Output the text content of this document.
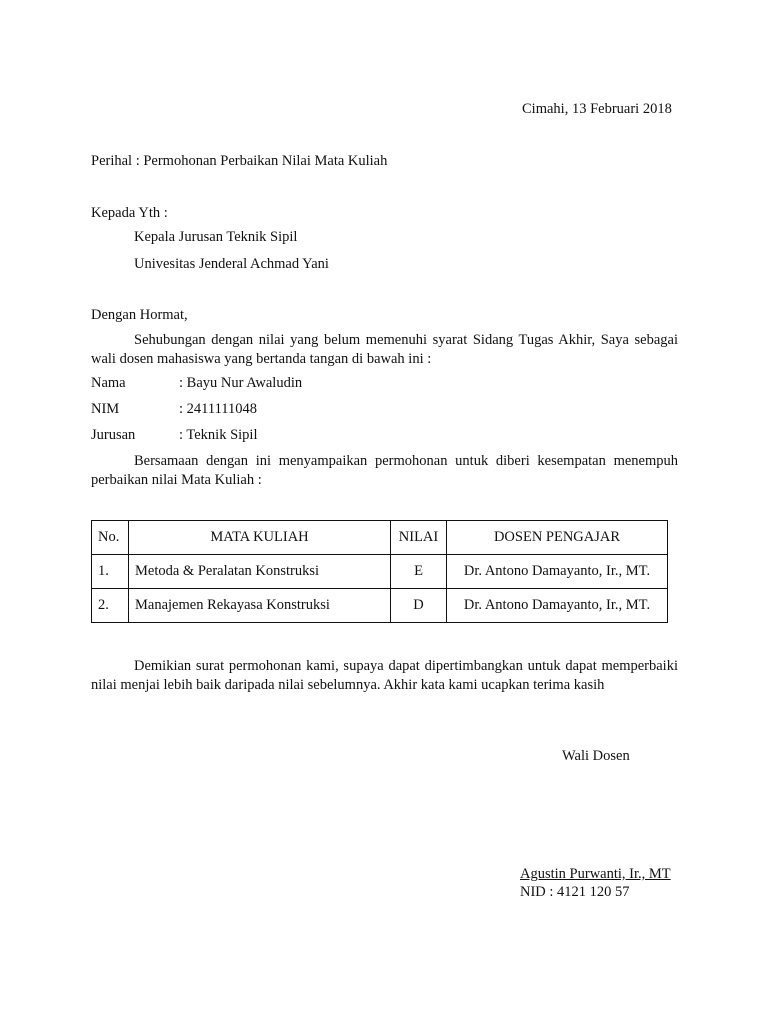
Cimahi, 13 Februari 2018
Perihal : Permohonan Perbaikan Nilai Mata Kuliah
Kepada Yth :
Kepala Jurusan Teknik Sipil
Univesitas Jenderal Achmad Yani
Dengan Hormat,
Sehubungan dengan nilai yang belum memenuhi syarat Sidang Tugas Akhir, Saya sebagai wali dosen mahasiswa yang bertanda tangan di bawah ini :
Nama	: Bayu Nur Awaludin
NIM	: 2411111048
Jurusan	: Teknik Sipil
Bersamaan dengan ini menyampaikan permohonan untuk diberi kesempatan menempuh perbaikan nilai Mata Kuliah :
No.	MATA KULIAH	NILAI	DOSEN PENGAJAR
1.	Metoda & Peralatan Konstruksi	E	Dr. Antono Damayanto, Ir., MT.
2.	Manajemen Rekayasa Konstruksi	D	Dr. Antono Damayanto, Ir., MT.
Demikian surat permohonan kami, supaya dapat dipertimbangkan untuk dapat memperbaiki nilai menjai lebih baik daripada nilai sebelumnya. Akhir kata kami ucapkan terima kasih
Wali Dosen
Agustin Purwanti, Ir., MT
NID : 4121 120 57
